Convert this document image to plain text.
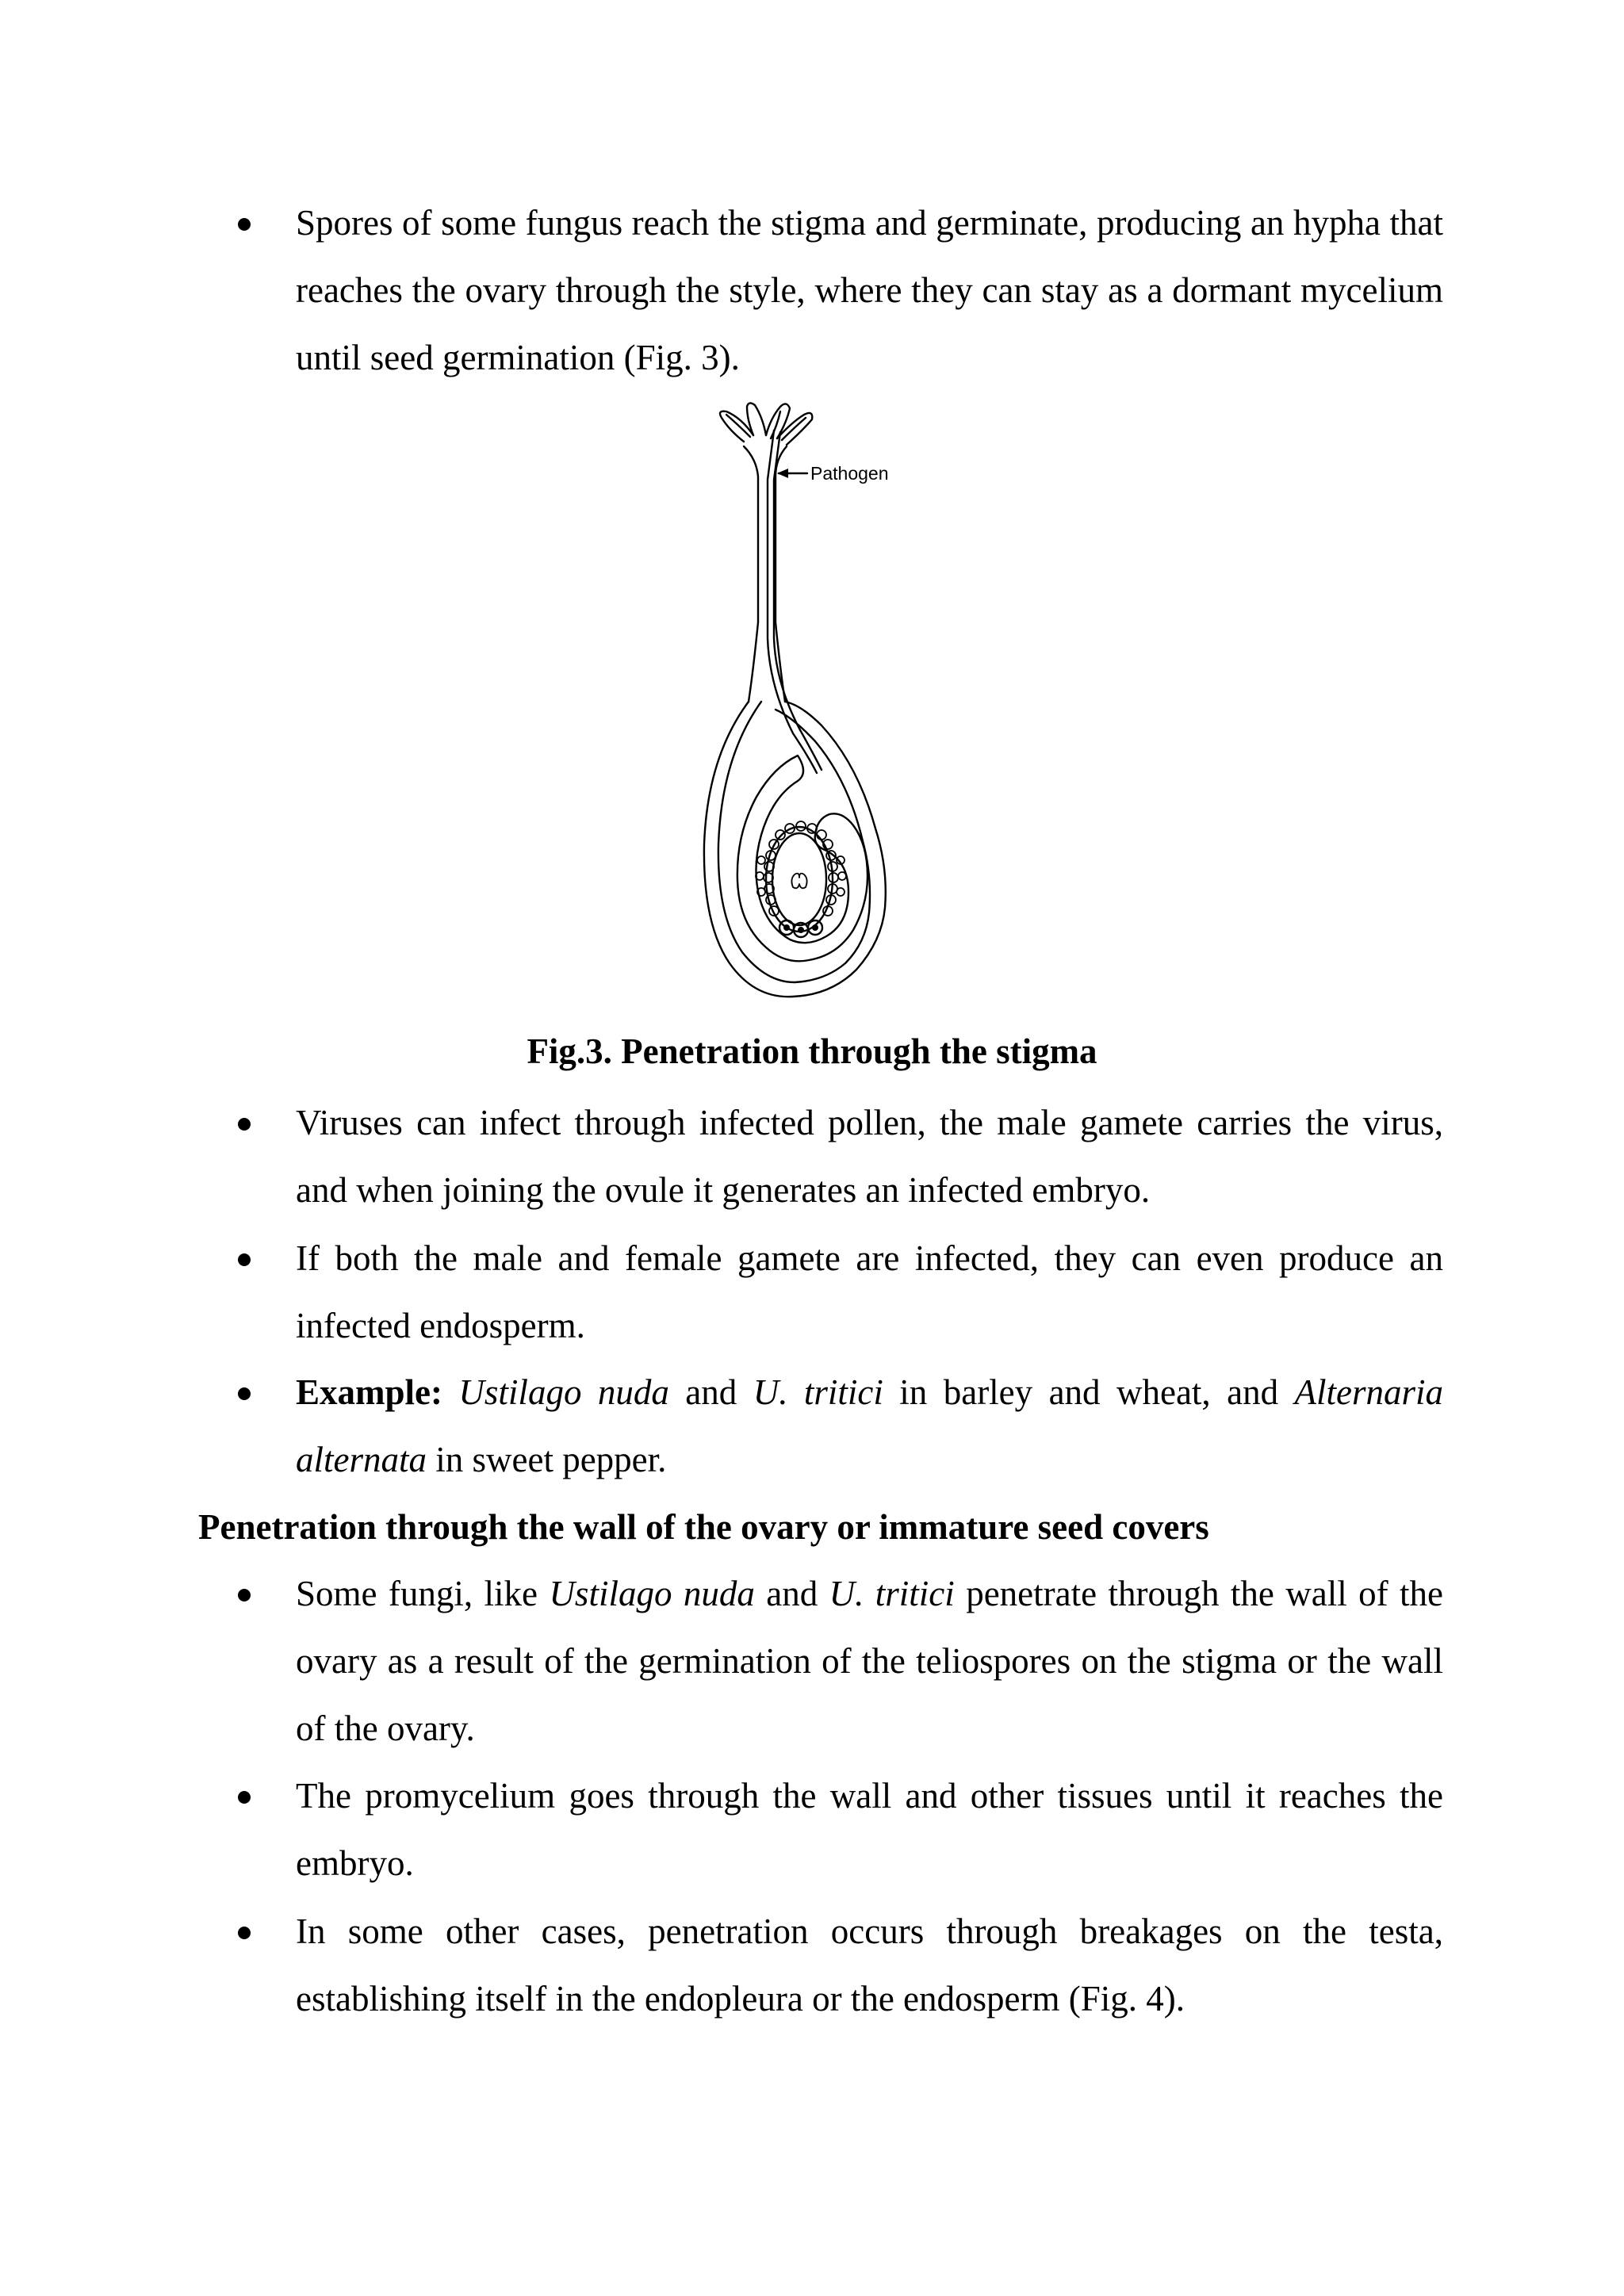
Spores of some fungus reach the stigma and germinate, producing an hypha that reaches the ovary through the style, where they can stay as a dormant mycelium until seed germination (Fig. 3).
Pathogen
Fig.3. Penetration through the stigma
Viruses can infect through infected pollen, the male gamete carries the virus, and when joining the ovule it generates an infected embryo.
If both the male and female gamete are infected, they can even produce an infected endosperm.
Example: Ustilago nuda and U. tritici in barley and wheat, and Alternaria alternata in sweet pepper.
Penetration through the wall of the ovary or immature seed covers
Some fungi, like Ustilago nuda and U. tritici penetrate through the wall of the ovary as a result of the germination of the teliospores on the stigma or the wall of the ovary.
The promycelium goes through the wall and other tissues until it reaches the embryo.
In some other cases, penetration occurs through breakages on the testa, establishing itself in the endopleura or the endosperm (Fig. 4).
